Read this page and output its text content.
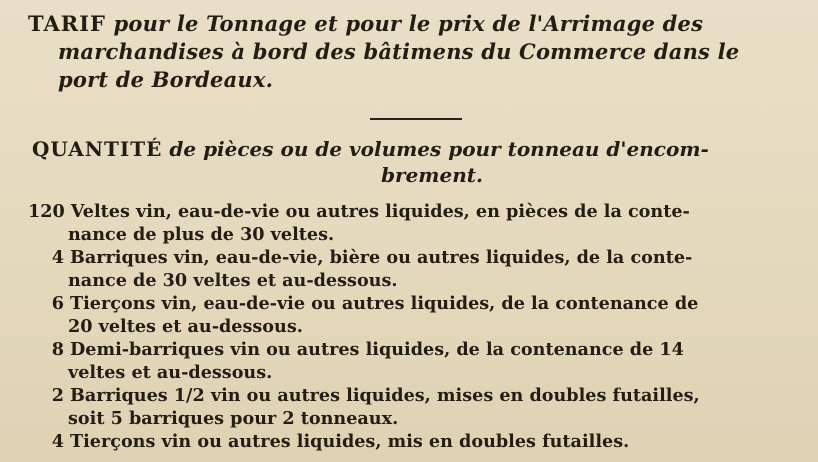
TARIF pour le Tonnage et pour le prix de l'Arrimage des
marchandises à bord des bâtimens du Commerce dans le
port de Bordeaux.
QUANTITÉ de pièces ou de volumes pour tonneau d'encom-
brement.
120 Veltes vin, eau-de-vie ou autres liquides, en pièces de la conte-
nance de plus de 30 veltes.
4 Barriques vin, eau-de-vie, bière ou autres liquides, de la conte-
nance de 30 veltes et au-dessous.
6 Tierçons vin, eau-de-vie ou autres liquides, de la contenance de
20 veltes et au-dessous.
8 Demi-barriques vin ou autres liquides, de la contenance de 14
veltes et au-dessous.
2 Barriques 1/2 vin ou autres liquides, mises en doubles futailles,
soit 5 barriques pour 2 tonneaux.
4 Tierçons vin ou autres liquides, mis en doubles futailles.
